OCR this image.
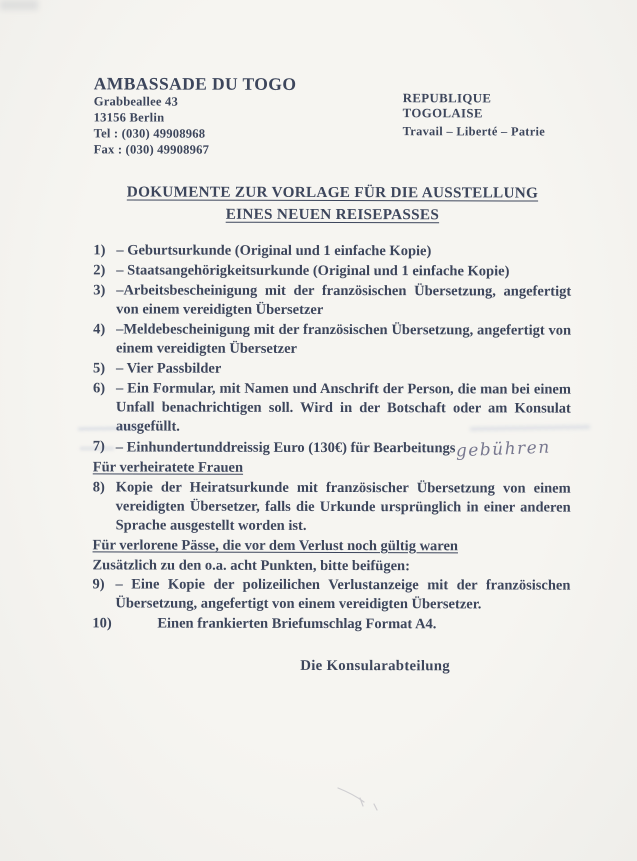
AMBASSADE DU TOGO
Grabbeallee 43
13156 Berlin
Tel : (030) 49908968
Fax : (030) 49908967
REPUBLIQUE TOGOLAISE
Travail – Liberté – Patrie
DOKUMENTE ZUR VORLAGE FÜR DIE AUSSTELLUNG
EINES NEUEN REISEPASSES
1) – Geburtsurkunde (Original und 1 einfache Kopie)
2) – Staatsangehörigkeitsurkunde (Original und 1 einfache Kopie)
3) –Arbeitsbescheinigung mit der französischen Übersetzung, angefertigt von einem vereidigten Übersetzer
4) –Meldebescheinigung mit der französischen Übersetzung, angefertigt von einem vereidigten Übersetzer
5) – Vier Passbilder
6) – Ein Formular, mit Namen und Anschrift der Person, die man bei einem Unfall benachrichtigen soll. Wird in der Botschaft oder am Konsulat ausgefüllt.
7) – Einhundertunddreissig Euro (130€) für Bearbeitungsgebühren
Für verheiratete Frauen
8) Kopie der Heiratsurkunde mit französischer Übersetzung von einem vereidigten Übersetzer, falls die Urkunde ursprünglich in einer anderen Sprache ausgestellt worden ist.
Für verlorene Pässe, die vor dem Verlust noch gültig waren
Zusätzlich zu den o.a. acht Punkten, bitte beifügen:
9) – Eine Kopie der polizeilichen Verlustanzeige mit der französischen Übersetzung, angefertigt von einem vereidigten Übersetzer.
10)	Einen frankierten Briefumschlag Format A4.
Die Konsularabteilung
